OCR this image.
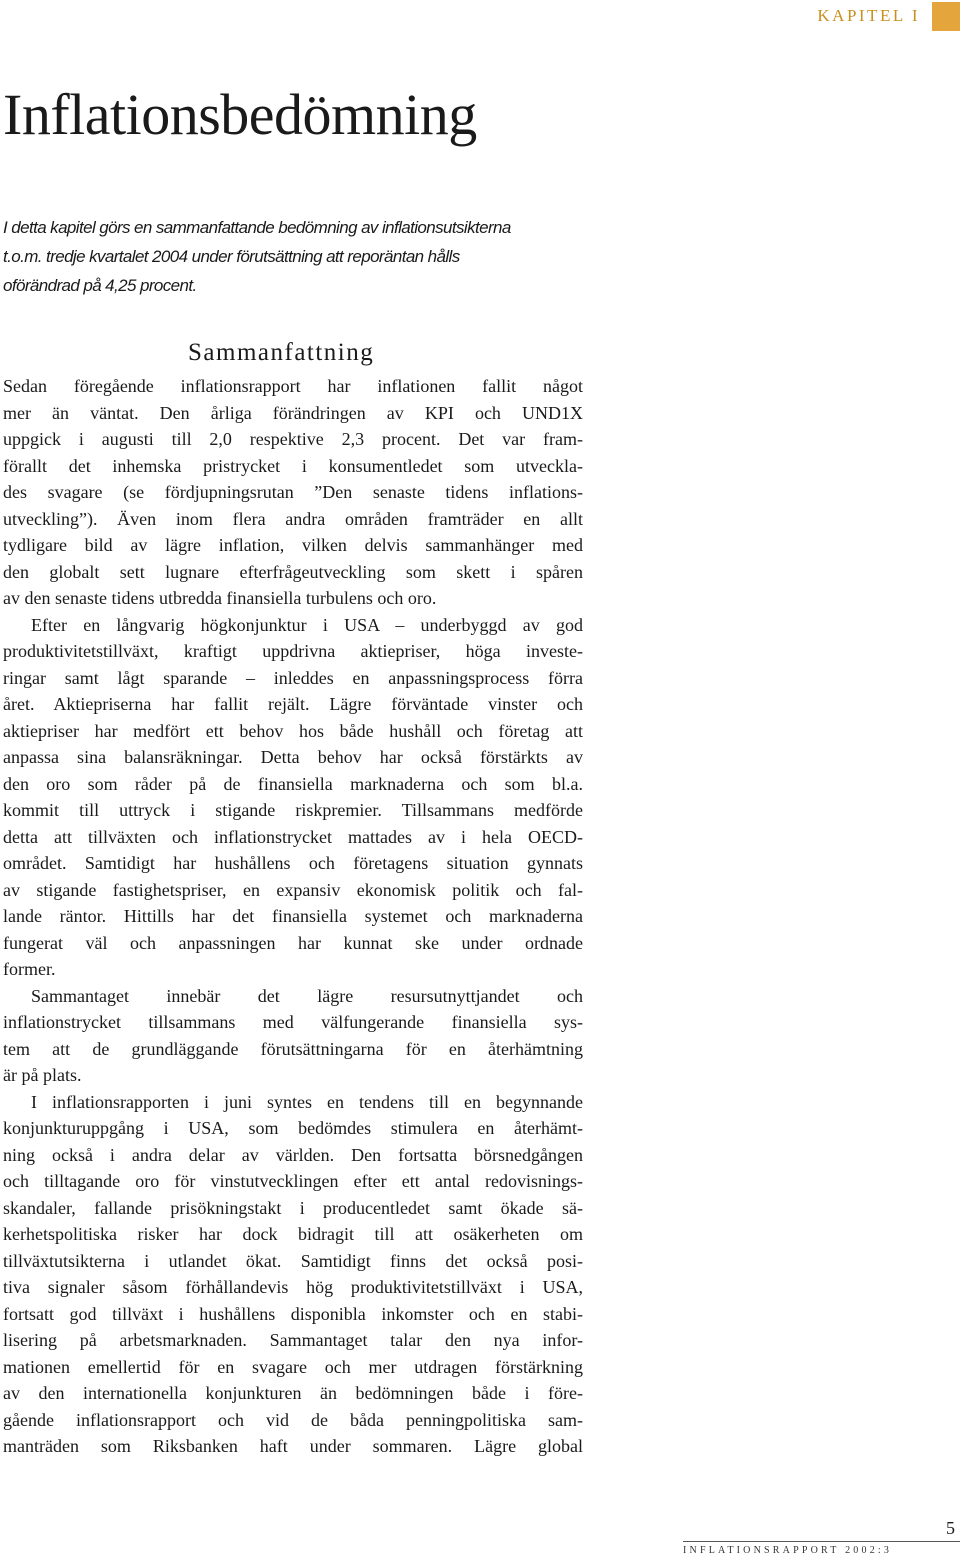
KAPITEL I
Inflationsbedömning
I detta kapitel görs en sammanfattande bedömning av inflationsutsikterna
t.o.m. tredje kvartalet 2004 under förutsättning att reporäntan hålls
oförändrad på 4,25 procent.
Sammanfattning
Sedan föregående inflationsrapport har inflationen fallit något
mer än väntat. Den årliga förändringen av KPI och UND1X
uppgick i augusti till 2,0 respektive 2,3 procent. Det var fram-
förallt det inhemska pristrycket i konsumentledet som utveckla-
des svagare (se fördjupningsrutan ”Den senaste tidens inflations-
utveckling”). Även inom flera andra områden framträder en allt
tydligare bild av lägre inflation, vilken delvis sammanhänger med
den globalt sett lugnare efterfrågeutveckling som skett i spåren
av den senaste tidens utbredda finansiella turbulens och oro.
Efter en långvarig högkonjunktur i USA – underbyggd av god
produktivitetstillväxt, kraftigt uppdrivna aktiepriser, höga investe-
ringar samt lågt sparande – inleddes en anpassningsprocess förra
året. Aktiepriserna har fallit rejält. Lägre förväntade vinster och
aktiepriser har medfört ett behov hos både hushåll och företag att
anpassa sina balansräkningar. Detta behov har också förstärkts av
den oro som råder på de finansiella marknaderna och som bl.a.
kommit till uttryck i stigande riskpremier. Tillsammans medförde
detta att tillväxten och inflationstrycket mattades av i hela OECD-
området. Samtidigt har hushållens och företagens situation gynnats
av stigande fastighetspriser, en expansiv ekonomisk politik och fal-
lande räntor. Hittills har det finansiella systemet och marknaderna
fungerat väl och anpassningen har kunnat ske under ordnade
former.
Sammantaget innebär det lägre resursutnyttjandet och
inflationstrycket tillsammans med välfungerande finansiella sys-
tem att de grundläggande förutsättningarna för en återhämtning
är på plats.
I inflationsrapporten i juni syntes en tendens till en begynnande
konjunkturuppgång i USA, som bedömdes stimulera en återhämt-
ning också i andra delar av världen. Den fortsatta börsnedgången
och tilltagande oro för vinstutvecklingen efter ett antal redovisnings-
skandaler, fallande prisökningstakt i producentledet samt ökade sä-
kerhetspolitiska risker har dock bidragit till att osäkerheten om
tillväxtutsikterna i utlandet ökat. Samtidigt finns det också posi-
tiva signaler såsom förhållandevis hög produktivitetstillväxt i USA,
fortsatt god tillväxt i hushållens disponibla inkomster och en stabi-
lisering på arbetsmarknaden. Sammantaget talar den nya infor-
mationen emellertid för en svagare och mer utdragen förstärkning
av den internationella konjunkturen än bedömningen både i före-
gående inflationsrapport och vid de båda penningpolitiska sam-
manträden som Riksbanken haft under sommaren. Lägre global
5
INFLATIONSRAPPORT 2002:3
